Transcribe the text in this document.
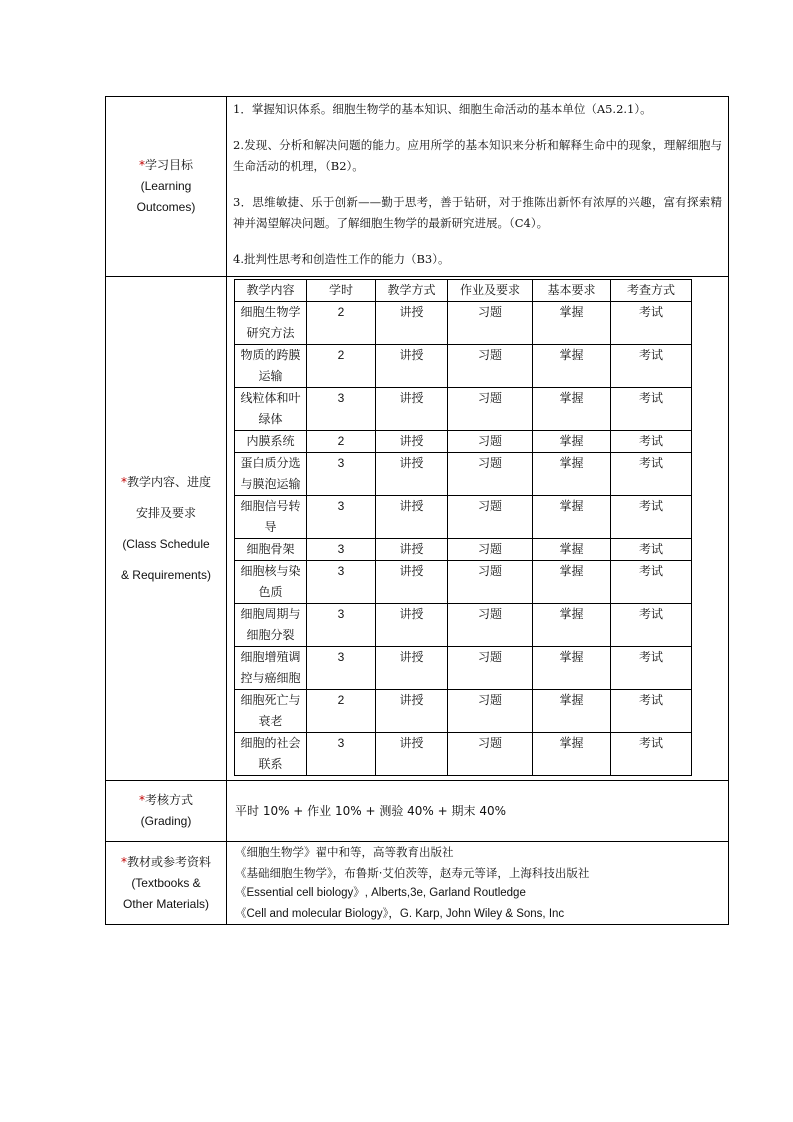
*学习目标
(Learning
Outcomes)

1．掌握知识体系。细胞生物学的基本知识、细胞生命活动的基本单位（A5.2.1）。

2.发现、分析和解决问题的能力。应用所学的基本知识来分析和解释生命中的现象，理解细胞与生命活动的机理，（B2）。

3．思维敏捷、乐于创新——勤于思考，善于钻研，对于推陈出新怀有浓厚的兴趣，富有探索精神并渴望解决问题。了解细胞生物学的最新研究进展。（C4）。

4.批判性思考和创造性工作的能力（B3）。

*教学内容、进度
安排及要求
(Class Schedule
& Requirements)

教学内容	学时	教学方式	作业及要求	基本要求	考查方式
细胞生物学研究方法	2	讲授	习题	掌握	考试
物质的跨膜运输	2	讲授	习题	掌握	考试
线粒体和叶绿体	3	讲授	习题	掌握	考试
内膜系统	2	讲授	习题	掌握	考试
蛋白质分选与膜泡运输	3	讲授	习题	掌握	考试
细胞信号转导	3	讲授	习题	掌握	考试
细胞骨架	3	讲授	习题	掌握	考试
细胞核与染色质	3	讲授	习题	掌握	考试
细胞周期与细胞分裂	3	讲授	习题	掌握	考试
细胞增殖调控与癌细胞	3	讲授	习题	掌握	考试
细胞死亡与衰老	2	讲授	习题	掌握	考试
细胞的社会联系	3	讲授	习题	掌握	考试

*考核方式
(Grading)
	平时 10% + 作业 10% + 测验 40% + 期末 40%

*教材或参考资料
(Textbooks &
Other Materials)

《细胞生物学》翟中和等，高等教育出版社
《基础细胞生物学》，布鲁斯·艾伯茨等，赵寿元等译，上海科技出版社
《Essential cell biology》, Alberts,3e, Garland Routledge
《Cell and molecular Biology》，G. Karp, John Wiley & Sons, Inc
